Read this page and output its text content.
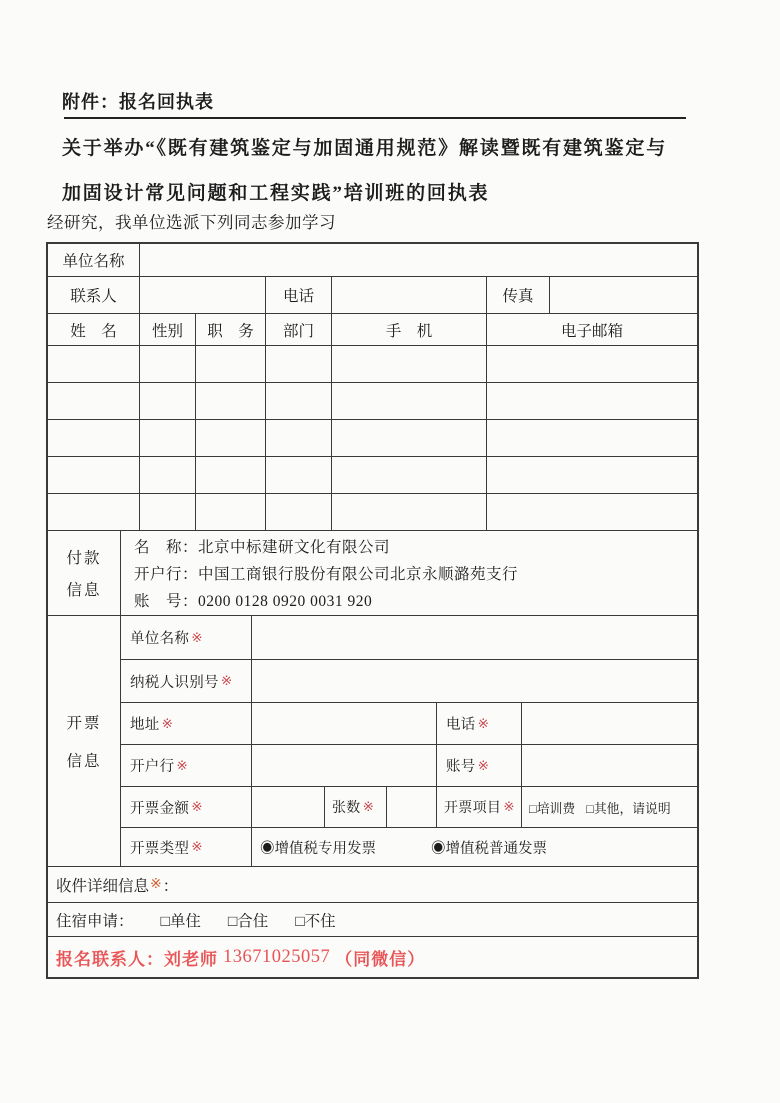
附件：报名回执表
关于举办“《既有建筑鉴定与加固通用规范》解读暨既有建筑鉴定与
加固设计常见问题和工程实践”培训班的回执表
经研究，我单位选派下列同志参加学习
单位名称
联系人	电话	传真
姓　名	性别	职　务	部门	手　机	电子邮箱
付款
信息
名　称：北京中标建研文化有限公司
开户行：中国工商银行股份有限公司北京永顺潞苑支行
账　号：0200 0128 0920 0031 920
开票
信息
单位名称 ※
纳税人识别号 ※
地址 ※	电话 ※
开户行 ※	账号 ※
开票金额 ※	张数 ※	开票项目 ※ □培训费 □其他，请说明
开票类型 ※	◉增值税专用发票	◉增值税普通发票
收件详细信息 ※ ：
住宿申请： □单住 □合住 □不住
报名联系人：刘老师 13671025057 （同微信）
